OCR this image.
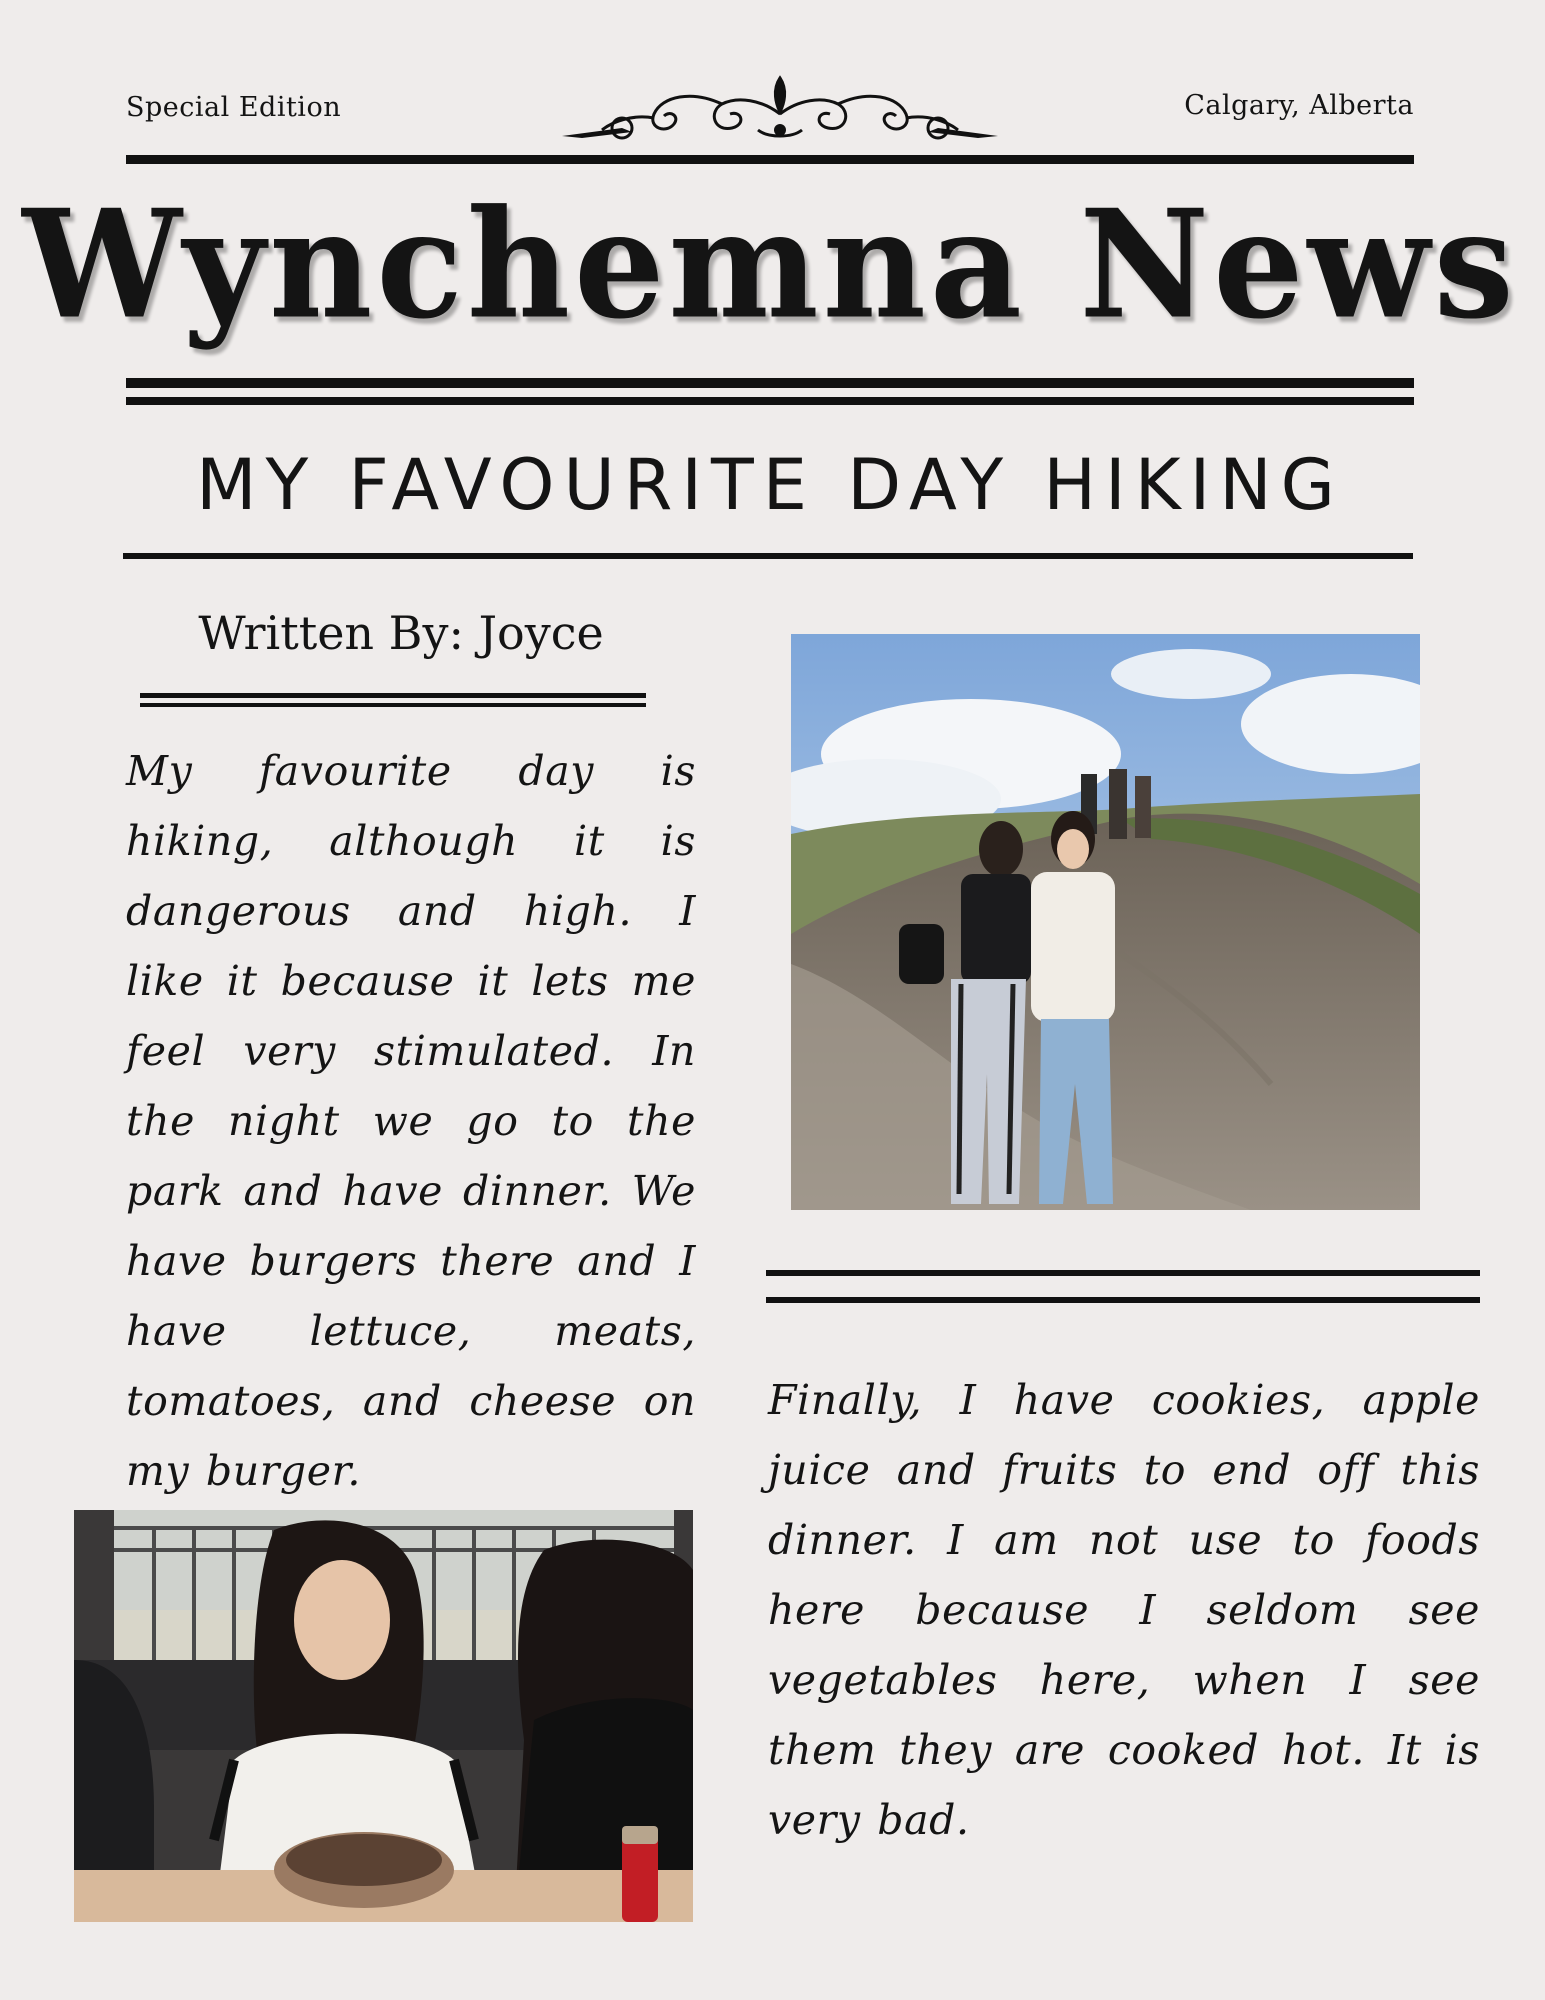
Special Edition	Calgary, Alberta
Wynchemna News
MY FAVOURITE DAY HIKING
Written By: Joyce
My favourite day is hiking, although it is dangerous and high. I like it because it lets me feel very stimulated. In the night we go to the park and have dinner. We have burgers there and I have lettuce, meats, tomatoes, and cheese on my burger.
Finally, I have cookies, apple juice and fruits to end off this dinner. I am not use to foods here because I seldom see vegetables here, when I see them they are cooked hot. It is very bad.
